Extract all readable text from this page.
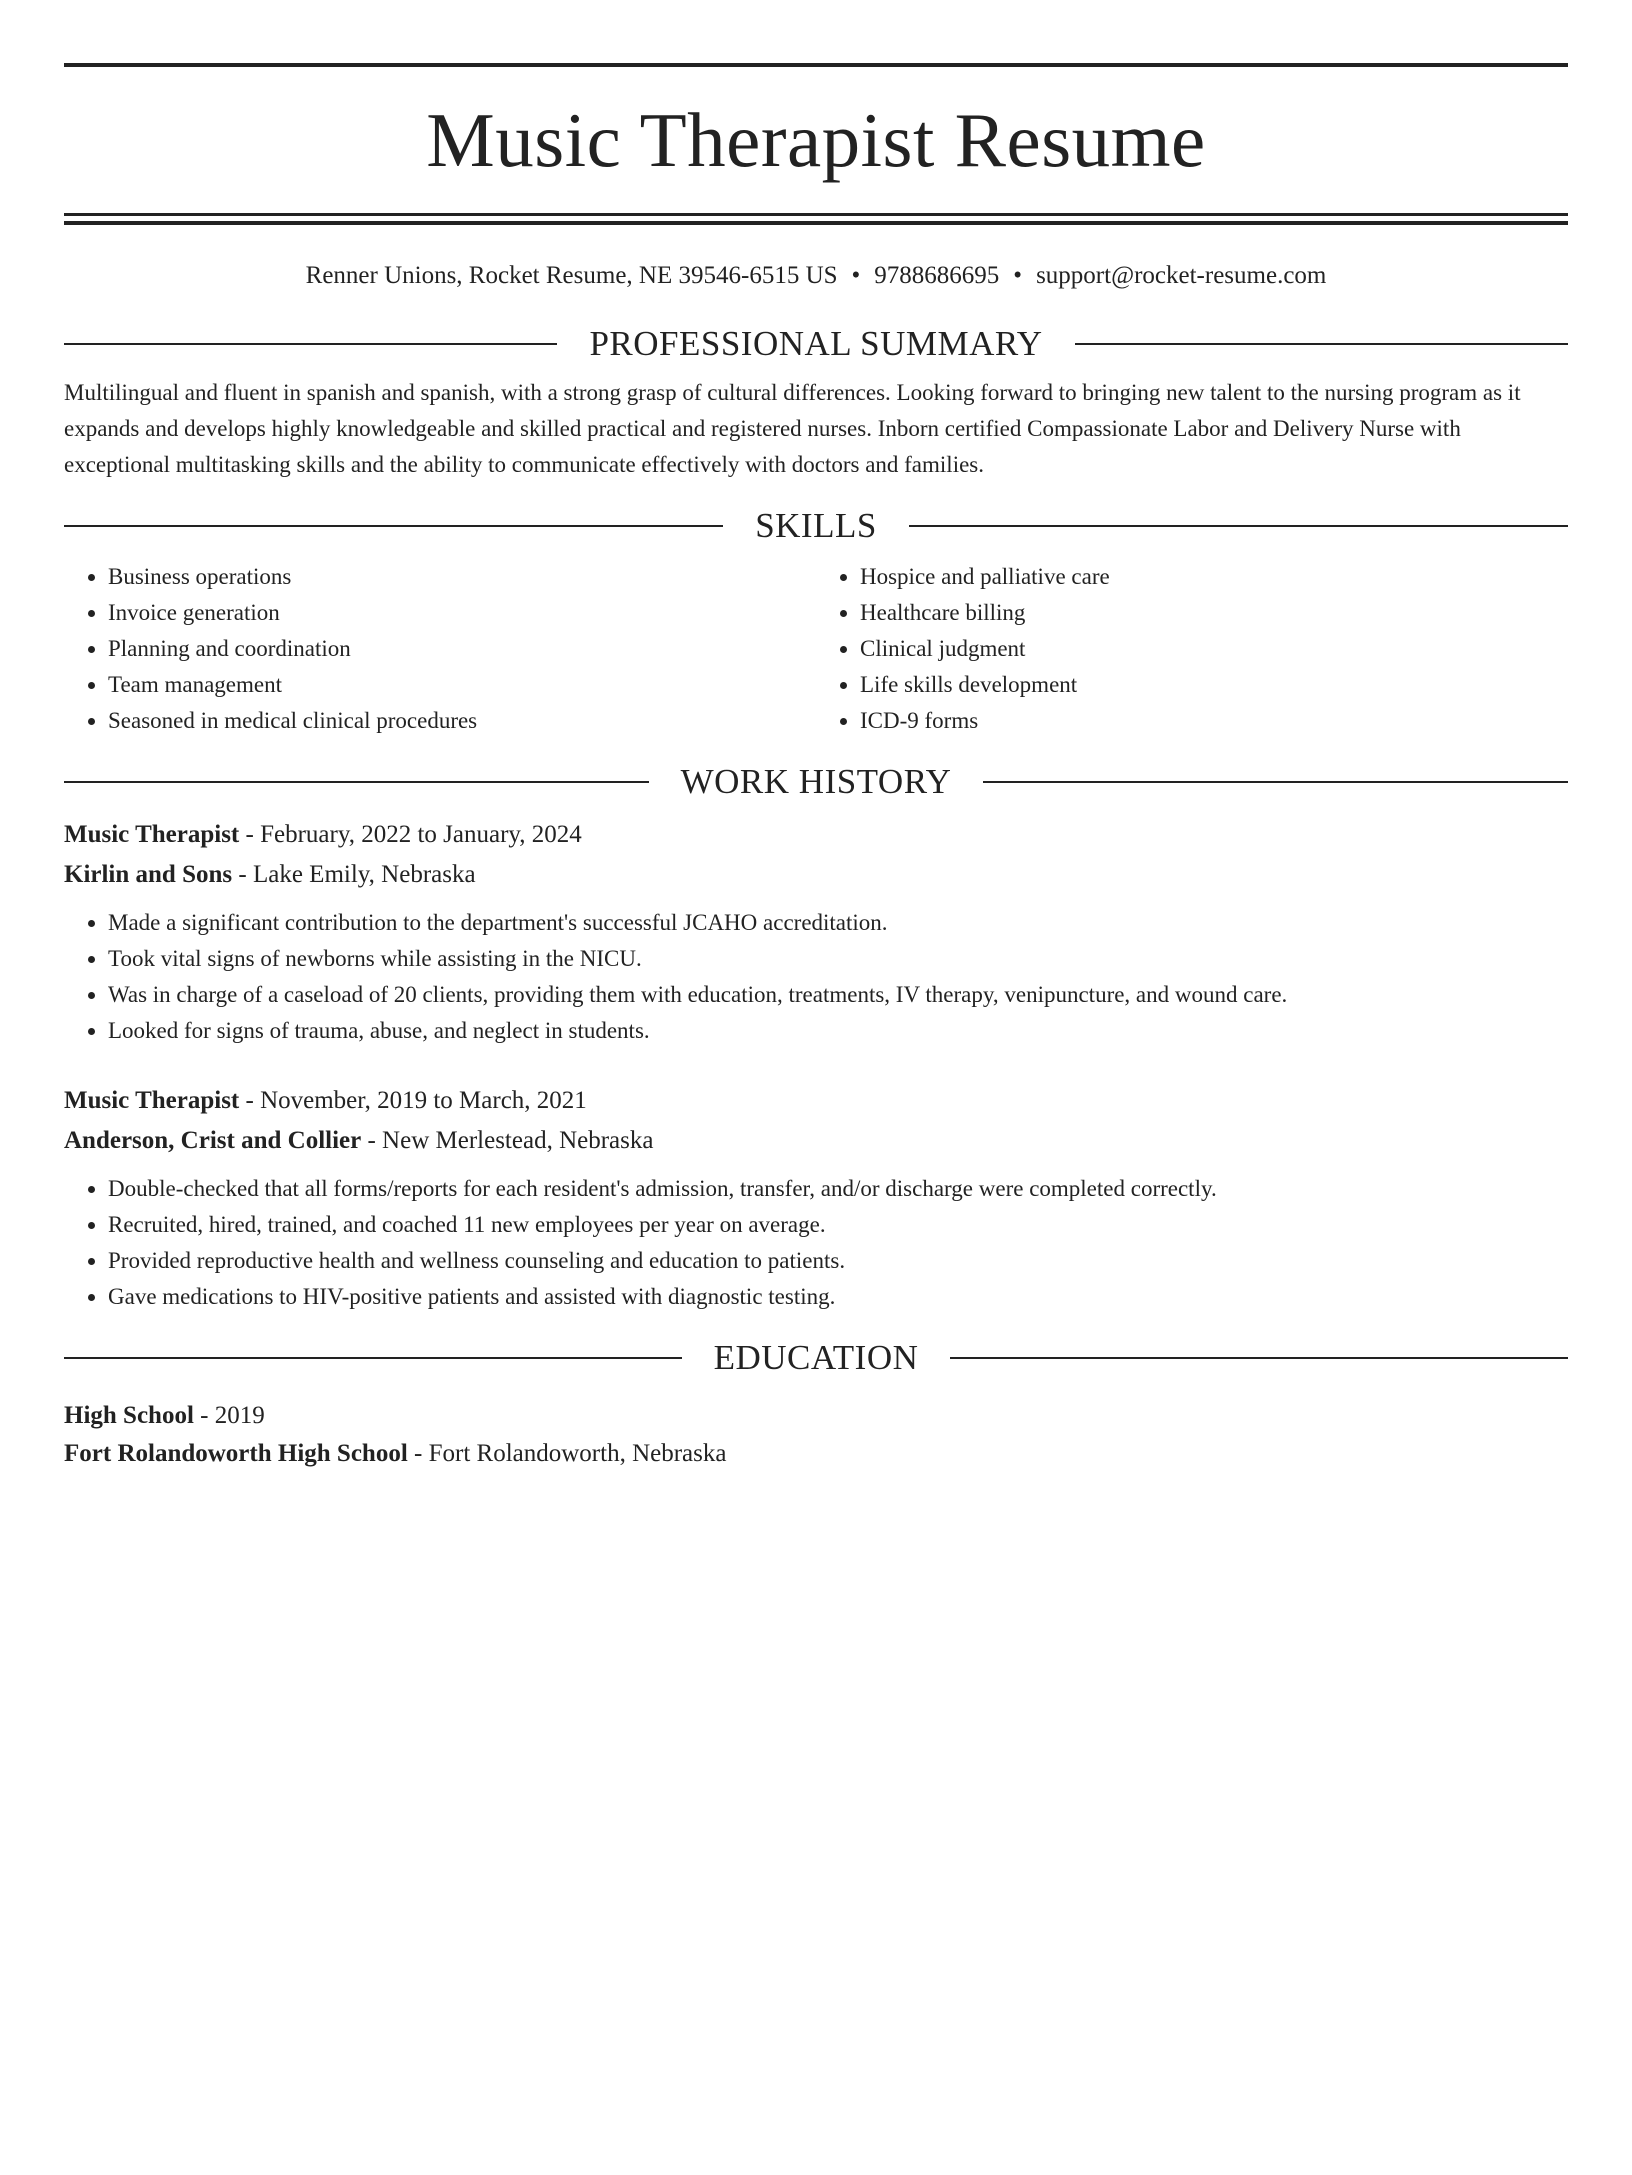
Music Therapist Resume
Renner Unions, Rocket Resume, NE 39546-6515 US • 9788686695 • support@rocket-resume.com
PROFESSIONAL SUMMARY
Multilingual and fluent in spanish and spanish, with a strong grasp of cultural differences. Looking forward to bringing new talent to the nursing program as it expands and develops highly knowledgeable and skilled practical and registered nurses. Inborn certified Compassionate Labor and Delivery Nurse with exceptional multitasking skills and the ability to communicate effectively with doctors and families.
SKILLS
• Business operations
• Invoice generation
• Planning and coordination
• Team management
• Seasoned in medical clinical procedures
• Hospice and palliative care
• Healthcare billing
• Clinical judgment
• Life skills development
• ICD-9 forms
WORK HISTORY
Music Therapist - February, 2022 to January, 2024
Kirlin and Sons - Lake Emily, Nebraska
• Made a significant contribution to the department's successful JCAHO accreditation.
• Took vital signs of newborns while assisting in the NICU.
• Was in charge of a caseload of 20 clients, providing them with education, treatments, IV therapy, venipuncture, and wound care.
• Looked for signs of trauma, abuse, and neglect in students.
Music Therapist - November, 2019 to March, 2021
Anderson, Crist and Collier - New Merlestead, Nebraska
• Double-checked that all forms/reports for each resident's admission, transfer, and/or discharge were completed correctly.
• Recruited, hired, trained, and coached 11 new employees per year on average.
• Provided reproductive health and wellness counseling and education to patients.
• Gave medications to HIV-positive patients and assisted with diagnostic testing.
EDUCATION
High School - 2019
Fort Rolandoworth High School - Fort Rolandoworth, Nebraska
